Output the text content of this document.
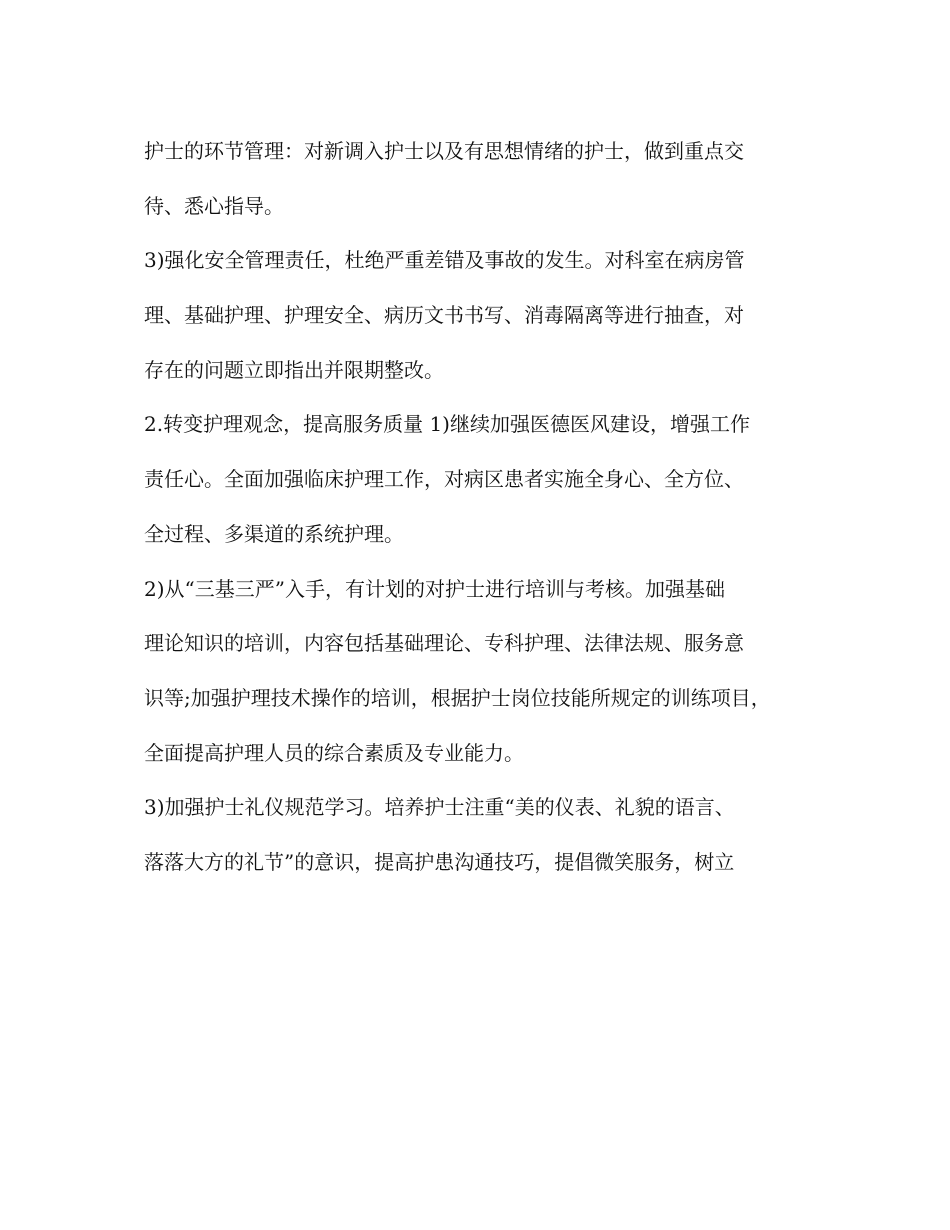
护士的环节管理：对新调入护士以及有思想情绪的护士，做到重点交
待、悉心指导。
3)强化安全管理责任，杜绝严重差错及事故的发生。对科室在病房管
理、基础护理、护理安全、病历文书书写、消毒隔离等进行抽查，对
存在的问题立即指出并限期整改。
2.转变护理观念，提高服务质量 1)继续加强医德医风建设，增强工作
责任心。全面加强临床护理工作，对病区患者实施全身心、全方位、
全过程、多渠道的系统护理。
2)从“三基三严”入手，有计划的对护士进行培训与考核。加强基础
理论知识的培训，内容包括基础理论、专科护理、法律法规、服务意
识等;加强护理技术操作的培训，根据护士岗位技能所规定的训练项目，
全面提高护理人员的综合素质及专业能力。
3)加强护士礼仪规范学习。培养护士注重“美的仪表、礼貌的语言、
落落大方的礼节”的意识，提高护患沟通技巧，提倡微笑服务，树立
